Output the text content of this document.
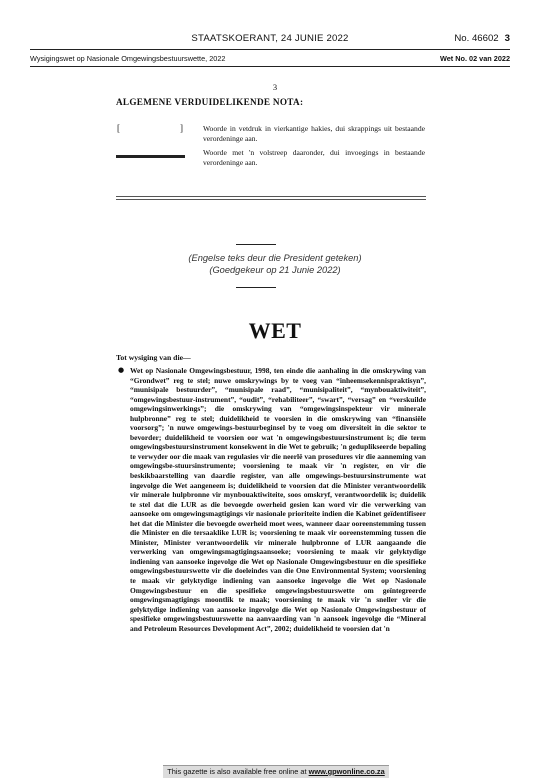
STAATSKOERANT, 24 JUNIE 2022	No. 46602 3
Wysigingswet op Nasionale Omgewingsbestuurswette, 2022	Wet No. 02 van 2022
3
ALGEMENE VERDUIDELIKENDE NOTA:
[	]	Woorde in vetdruk in vierkantige hakies, dui skrappings uit bestaande verordeninge aan.
Woorde met 'n volstreep daaronder, dui invoegings in bestaande verordeninge aan.
(Engelse teks deur die President geteken)
(Goedgekeur op 21 Junie 2022)
WET
Tot wysiging van die—
● Wet op Nasionale Omgewingsbestuur, 1998, ten einde die aanhaling in die omskrywing van “Grondwet” reg te stel; nuwe omskrywings by te voeg van “inheemsekennispraktisyn”, “munisipale bestuurder”, “munisipale raad”, “munisipaliteit”, “mynbouaktiwiteit”, “omgewingsbestuur-instrument”, “oudit”, “rehabiliteer”, “swart”, “versag” en “verskuilde omgewingsinwerkings”; die omskrywing van “omgewingsinspekteur vir minerale hulpbronne” reg te stel; duidelikheid te voorsien in die omskrywing van “finansiële voorsorg”; 'n nuwe omgewings-bestuurbeginsel by te voeg om diversiteit in die sektor te bevorder; duidelikheid te voorsien oor wat 'n omgewingsbestuursinstrument is; die term omgewingsbestuursinstrument konsekwent in die Wet te gebruik; 'n geduplikseerde bepaling te verwyder oor die maak van regulasies vir die neerlê van prosedures vir die aanneming van omgewingsbe-stuursinstrumente; voorsiening te maak vir 'n register, en vir die beskikbaarstelling van daardie register, van alle omgewings-bestuursinstrumente wat ingevolge die Wet aangeneem is; duidelikheid te voorsien dat die Minister verantwoordelik vir minerale hulpbronne vir mynbouaktiwiteite, soos omskryf, verantwoordelik is; duidelik te stel dat die LUR as die bevoegde owerheid gesien kan word vir die verwerking van aansoeke om omgewingsmagtigings vir nasionale prioriteite indien die Kabinet geïdentifiseer het dat die Minister die bevoegde owerheid moet wees, wanneer daar ooreenstemming tussen die Minister en die tersaaklike LUR is; voorsiening te maak vir ooreenstemming tussen die Minister, Minister verantwoordelik vir minerale hulpbronne of LUR aangaande die verwerking van omgewingsmagtigingsaansoeke; voorsiening te maak vir gelyktydige indiening van aansoeke ingevolge die Wet op Nasionale Omgewingsbestuur en die spesifieke omgewingsbestuurswette vir die doeleindes van die One Environmental System; voorsiening te maak vir gelyktydige indiening van aansoeke ingevolge die Wet op Nasionale Omgewingsbestuur en die spesifieke omgewingsbestuurswette om geïntegreerde omgewingsmagtigings moontlik te maak; voorsiening te maak vir 'n sneller vir die gelyktydige indiening van aansoeke ingevolge die Wet op Nasionale Omgewingsbestuur of spesifieke omgewingsbestuurswette na aanvaarding van 'n aansoek ingevolge die “Mineral and Petroleum Resources Development Act”, 2002; duidelikheid te voorsien dat 'n

This gazette is also available free online at www.gpwonline.co.za
